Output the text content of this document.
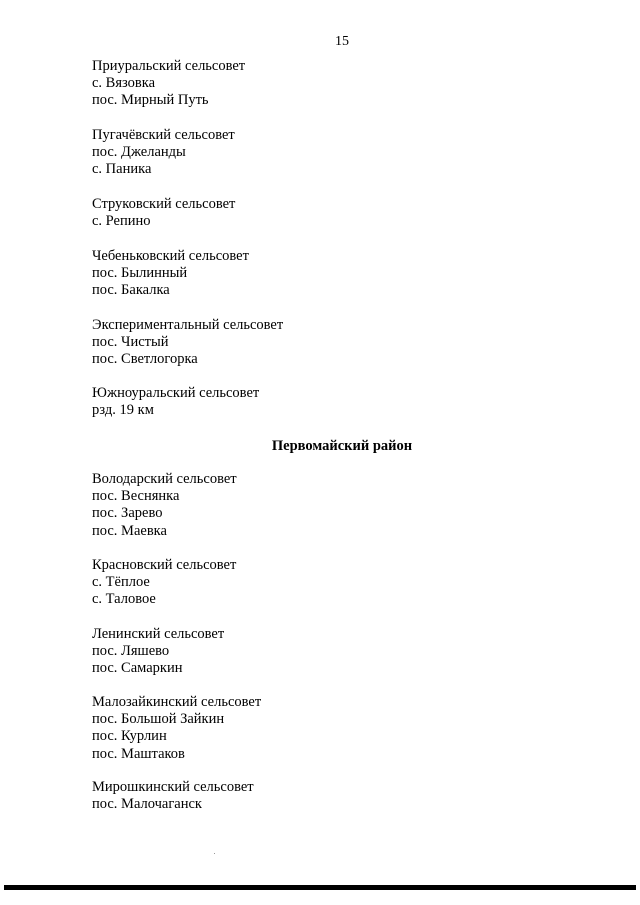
15
Приуральский сельсовет
с. Вязовка
пос. Мирный Путь
Пугачёвский сельсовет
пос. Джеланды
с. Паника
Струковский сельсовет
с. Репино
Чебеньковский сельсовет
пос. Былинный
пос. Бакалка
Экспериментальный сельсовет
пос. Чистый
пос. Светлогорка
Южноуральский сельсовет
рзд. 19 км
Первомайский район
Володарский сельсовет
пос. Веснянка
пос. Зарево
пос. Маевка
Красновский сельсовет
с. Тёплое
с. Таловое
Ленинский сельсовет
пос. Ляшево
пос. Самаркин
Малозайкинский сельсовет
пос. Большой Зайкин
пос. Курлин
пос. Маштаков
Мирошкинский сельсовет
пос. Малочаганск
